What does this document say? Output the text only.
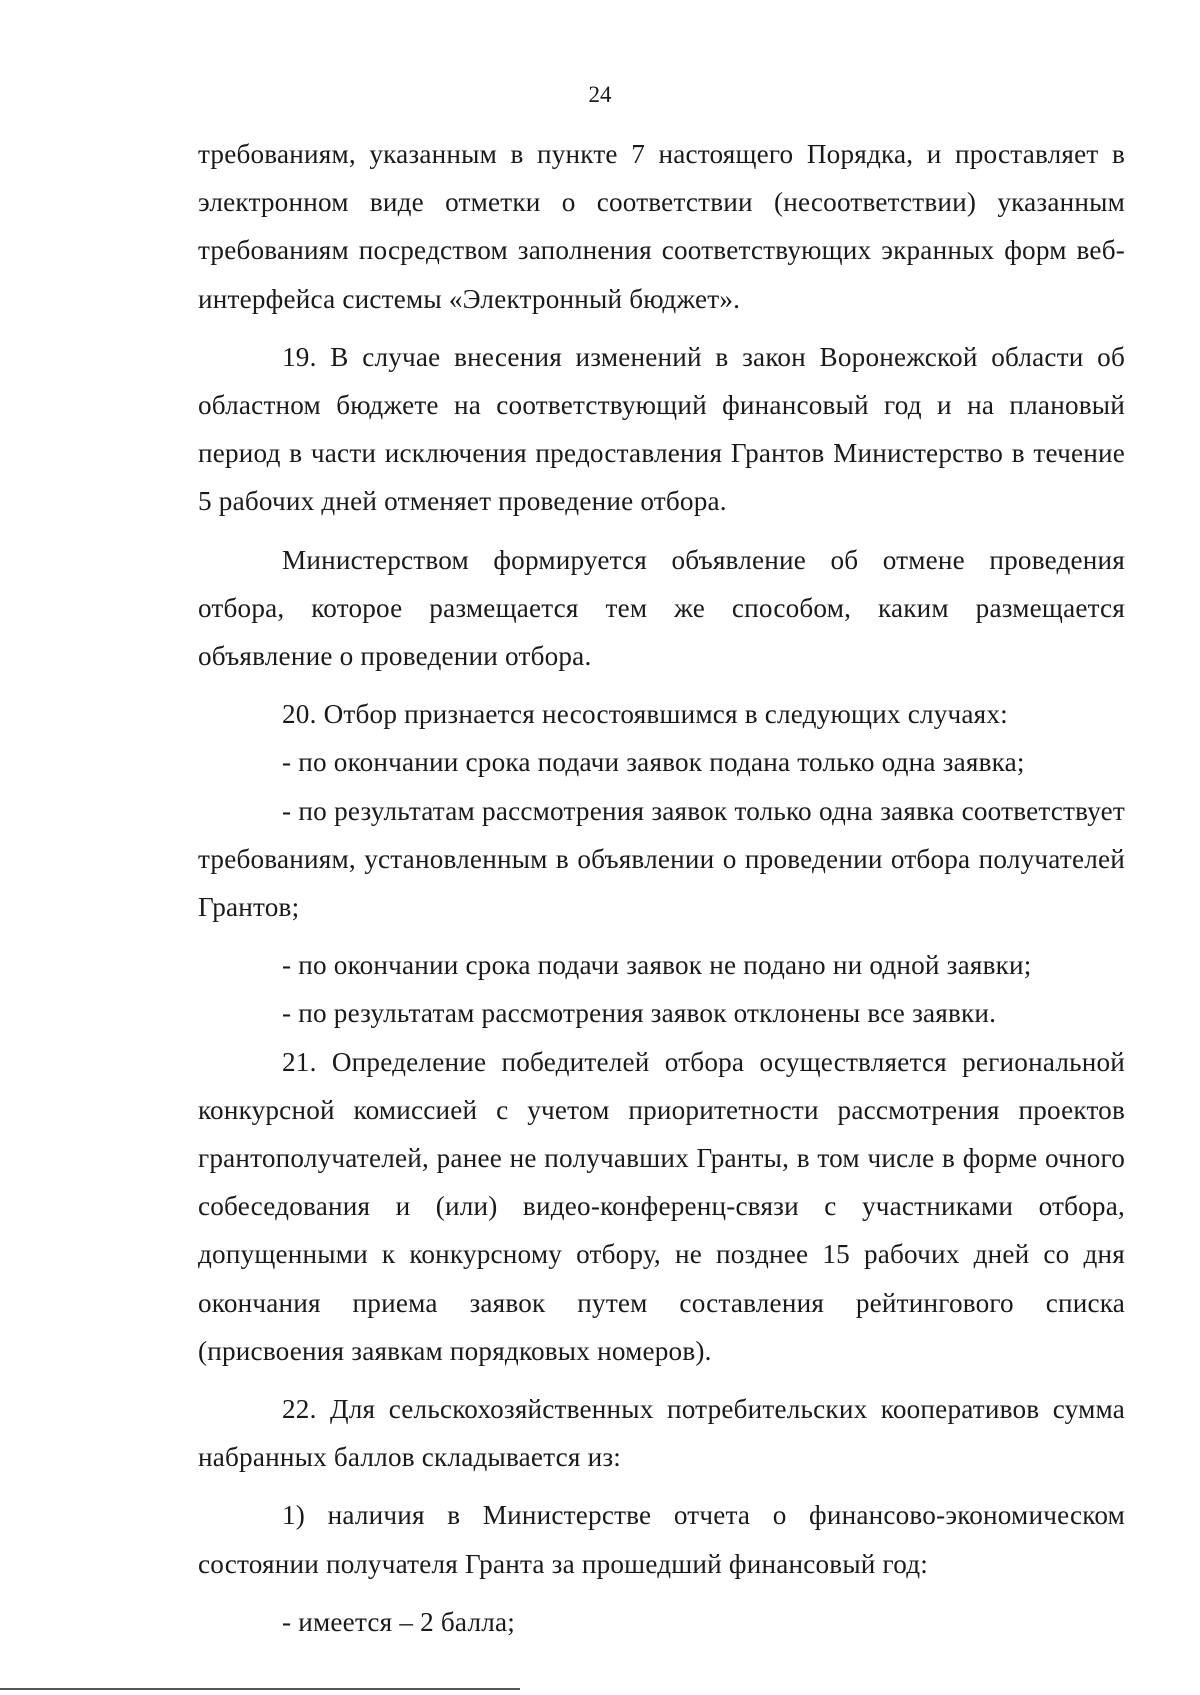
24

требованиям, указанным в пункте 7 настоящего Порядка, и проставляет в электронном виде отметки о соответствии (несоответствии) указанным требованиям посредством заполнения соответствующих экранных форм веб-интерфейса системы «Электронный бюджет».

19. В случае внесения изменений в закон Воронежской области об областном бюджете на соответствующий финансовый год и на плановый период в части исключения предоставления Грантов Министерство в течение 5 рабочих дней отменяет проведение отбора.

Министерством формируется объявление об отмене проведения отбора, которое размещается тем же способом, каким размещается объявление о проведении отбора.

20. Отбор признается несостоявшимся в следующих случаях:

- по окончании срока подачи заявок подана только одна заявка;

- по результатам рассмотрения заявок только одна заявка соответствует требованиям, установленным в объявлении о проведении отбора получателей Грантов;

- по окончании срока подачи заявок не подано ни одной заявки;

- по результатам рассмотрения заявок отклонены все заявки.

21. Определение победителей отбора осуществляется региональной конкурсной комиссией с учетом приоритетности рассмотрения проектов грантополучателей, ранее не получавших Гранты, в том числе в форме очного собеседования и (или) видео-конференц-связи с участниками отбора, допущенными к конкурсному отбору, не позднее 15 рабочих дней со дня окончания приема заявок путем составления рейтингового списка (присвоения заявкам порядковых номеров).

22. Для сельскохозяйственных потребительских кооперативов сумма набранных баллов складывается из:

1) наличия в Министерстве отчета о финансово-экономическом состоянии получателя Гранта за прошедший финансовый год:

- имеется – 2 балла;
